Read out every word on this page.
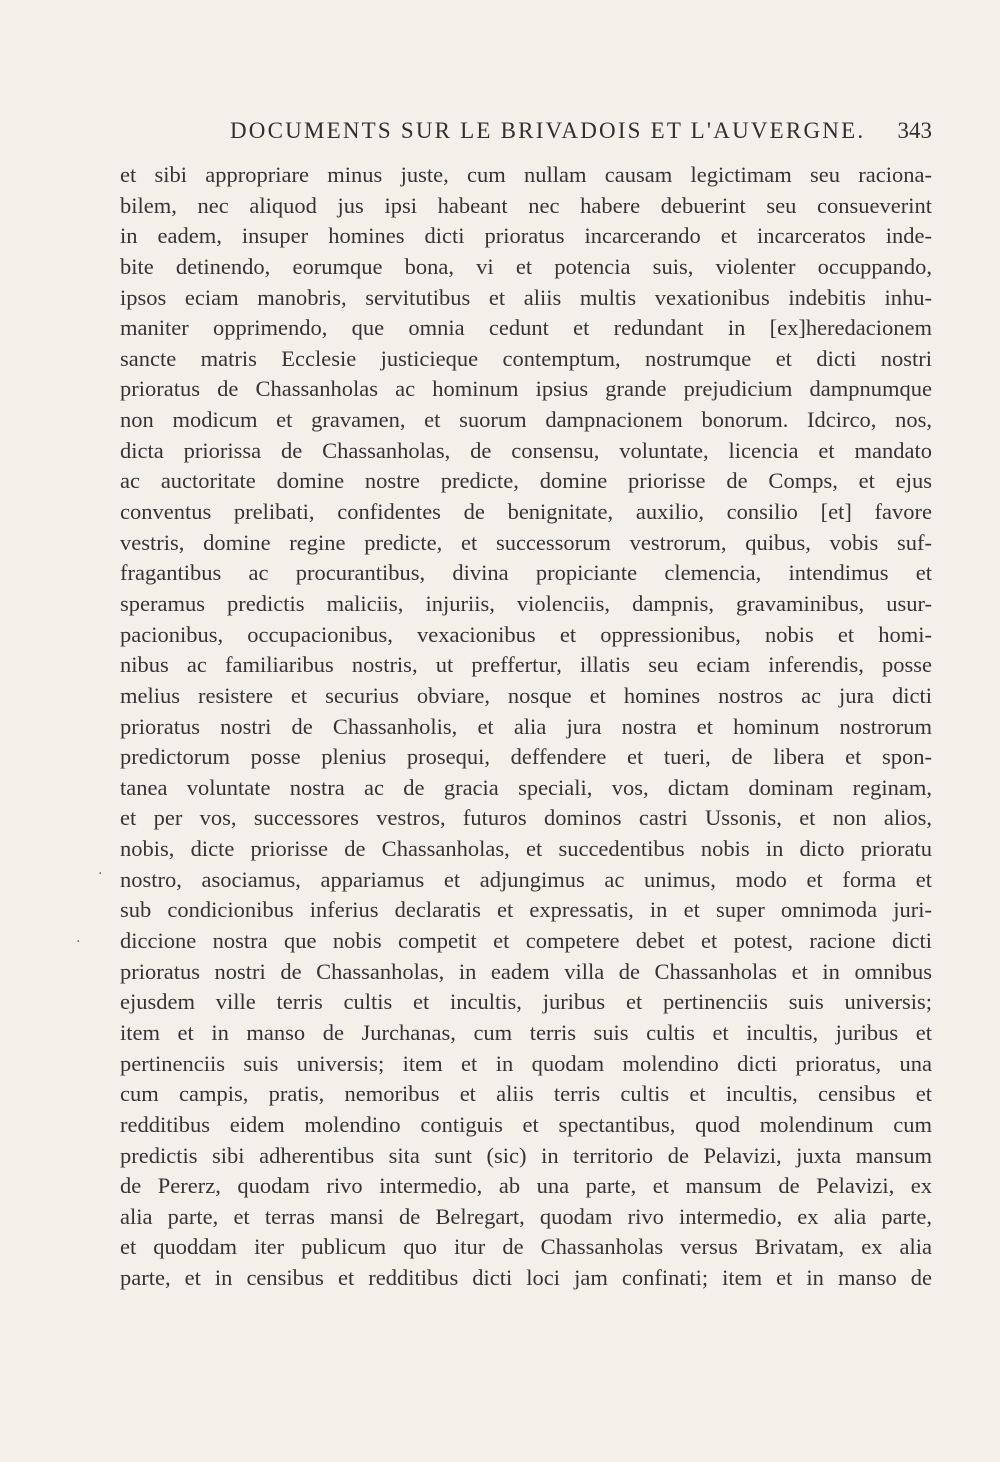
DOCUMENTS SUR LE BRIVADOIS ET L'AUVERGNE. 343
et sibi appropriare minus juste, cum nullam causam legictimam seu raciona-
bilem, nec aliquod jus ipsi habeant nec habere debuerint seu consueverint
in eadem, insuper homines dicti prioratus incarcerando et incarceratos inde-
bite detinendo, eorumque bona, vi et potencia suis, violenter occuppando,
ipsos eciam manobris, servitutibus et aliis multis vexationibus indebitis inhu-
maniter opprimendo, que omnia cedunt et redundant in [ex]heredacionem
sancte matris Ecclesie justicieque contemptum, nostrumque et dicti nostri
prioratus de Chassanholas ac hominum ipsius grande prejudicium dampnumque
non modicum et gravamen, et suorum dampnacionem bonorum. Idcirco, nos,
dicta priorissa de Chassanholas, de consensu, voluntate, licencia et mandato
ac auctoritate domine nostre predicte, domine priorisse de Comps, et ejus
conventus prelibati, confidentes de benignitate, auxilio, consilio [et] favore
vestris, domine regine predicte, et successorum vestrorum, quibus, vobis suf-
fragantibus ac procurantibus, divina propiciante clemencia, intendimus et
speramus predictis maliciis, injuriis, violenciis, dampnis, gravaminibus, usur-
pacionibus, occupacionibus, vexacionibus et oppressionibus, nobis et homi-
nibus ac familiaribus nostris, ut preffertur, illatis seu eciam inferendis, posse
melius resistere et securius obviare, nosque et homines nostros ac jura dicti
prioratus nostri de Chassanholis, et alia jura nostra et hominum nostrorum
predictorum posse plenius prosequi, deffendere et tueri, de libera et spon-
tanea voluntate nostra ac de gracia speciali, vos, dictam dominam reginam,
et per vos, successores vestros, futuros dominos castri Ussonis, et non alios,
nobis, dicte priorisse de Chassanholas, et succedentibus nobis in dicto prioratu
nostro, asociamus, appariamus et adjungimus ac unimus, modo et forma et
sub condicionibus inferius declaratis et expressatis, in et super omnimoda juri-
diccione nostra que nobis competit et competere debet et potest, racione dicti
prioratus nostri de Chassanholas, in eadem villa de Chassanholas et in omnibus
ejusdem ville terris cultis et incultis, juribus et pertinenciis suis universis;
item et in manso de Jurchanas, cum terris suis cultis et incultis, juribus et
pertinenciis suis universis; item et in quodam molendino dicti prioratus, una
cum campis, pratis, nemoribus et aliis terris cultis et incultis, censibus et
redditibus eidem molendino contiguis et spectantibus, quod molendinum cum
predictis sibi adherentibus sita sunt (sic) in territorio de Pelavizi, juxta mansum
de Pererz, quodam rivo intermedio, ab una parte, et mansum de Pelavizi, ex
alia parte, et terras mansi de Belregart, quodam rivo intermedio, ex alia parte,
et quoddam iter publicum quo itur de Chassanholas versus Brivatam, ex alia
parte, et in censibus et redditibus dicti loci jam confinati; item et in manso de
·
·
